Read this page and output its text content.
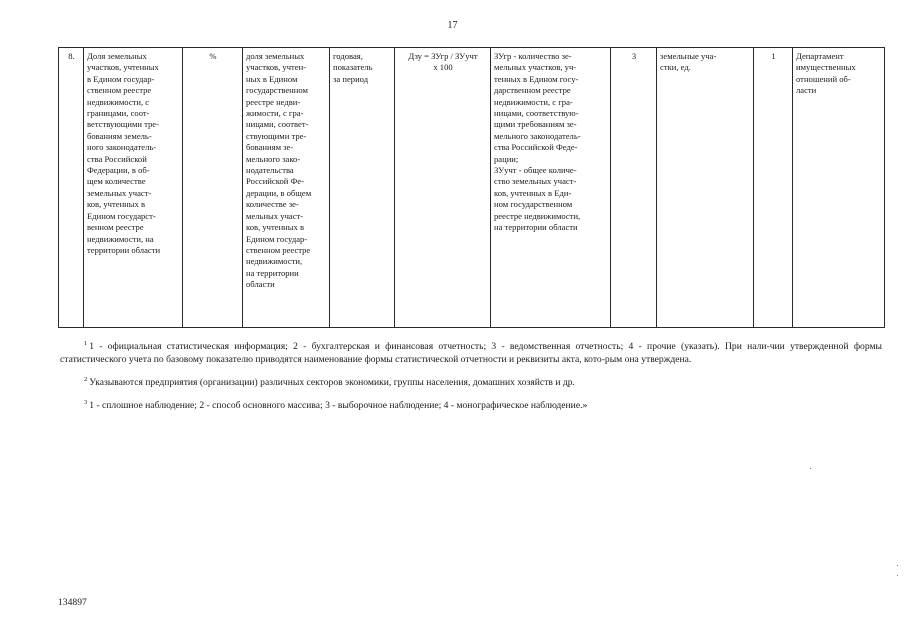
17
8.	Доля земельных
участков, учтенных
в Едином государ-
ственном реестре
недвижимости, с
границами, соот-
ветствующими тре-
бованиям земель-
ного законодатель-
ства Российской
Федерации, в об-
щем количестве
земельных участ-
ков, учтенных в
Едином государст-
венном реестре
недвижимости, на
территории области	%	доля земельных
участков, учтен-
ных в Едином
государственном
реестре недви-
жимости, с гра-
ницами, соответ-
ствующими тре-
бованиям зе-
мельного зако-
нодательства
Российской Фе-
дерации, в общем
количестве зе-
мельных участ-
ков, учтенных в
Едином государ-
ственном реестре
недвижимости,
на территории
области	годовая,
показатель
за период	Дзу = ЗУгр / ЗУучт
х 100	ЗУгр - количество зе-
мельных участков, уч-
тенных в Едином госу-
дарственном реестре
недвижимости, с гра-
ницами, соответствую-
щими требованиям зе-
мельного законодатель-
ства Российской Феде-
рации;
ЗУучт - общее количе-
ство земельных участ-
ков, учтенных в Еди-
ном государственном
реестре недвижимости,
на территории области	3	земельные уча-
стки, ед.	1	Департамент
имущественных
отношений об-
ласти

$^1$ 1 - официальная статистическая информация; 2 - бухгалтерская и финансовая отчетность; 3 - ведомственная отчетность; 4 - прочие (указать). При нали-чии утвержденной формы статистического учета по базовому показателю приводятся наименование формы статистической отчетности и реквизиты акта, кото-рым она утверждена.

$^2$ Указываются предприятия (организации) различных секторов экономики, группы населения, домашних хозяйств и др.

$^3$ 1 - сплошное наблюдение; 2 - способ основного массива; 3 - выборочное наблюдение; 4 - монографическое наблюдение.»

134897
